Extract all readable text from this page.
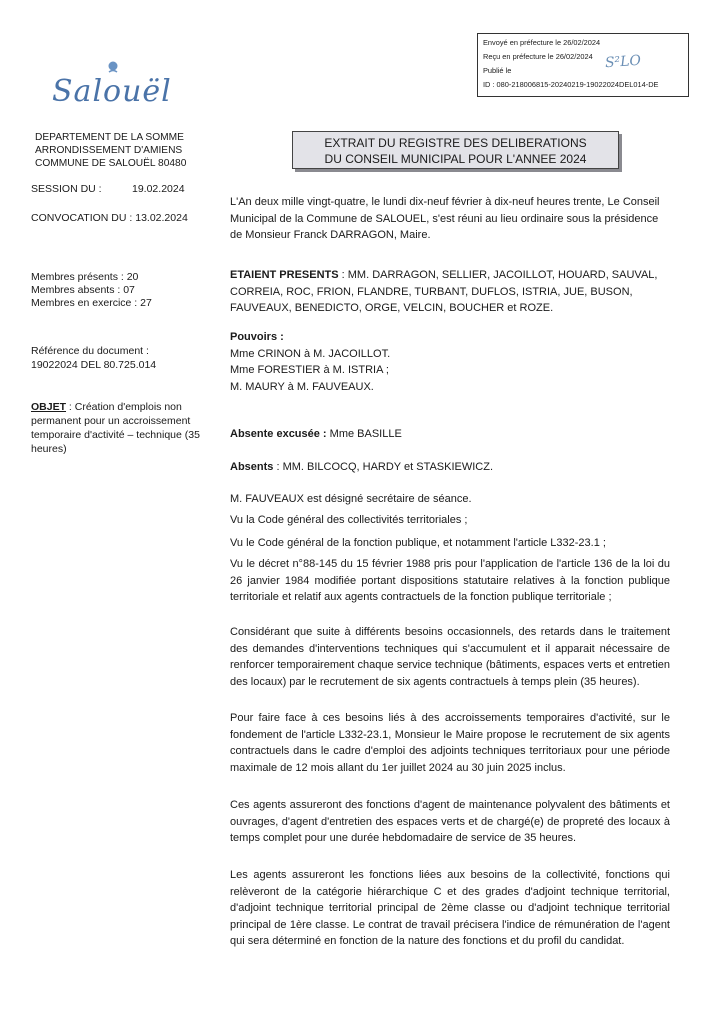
Envoyé en préfecture le 26/02/2024
Reçu en préfecture le 26/02/2024
Publié le
ID : 080-218006815-20240219-19022024DEL014-DE
S²LO
Salouël
DEPARTEMENT DE LA SOMME
ARRONDISSEMENT D'AMIENS
COMMUNE DE SALOUËL 80480
SESSION DU :	19.02.2024
CONVOCATION DU : 13.02.2024
Membres présents : 20
Membres absents : 07
Membres en exercice : 27
Référence du document :
19022024 DEL 80.725.014
OBJET : Création d'emplois non permanent pour un accroissement temporaire d'activité – technique (35 heures)
EXTRAIT DU REGISTRE DES DELIBERATIONS
DU CONSEIL MUNICIPAL POUR L'ANNEE 2024

L'An deux mille vingt-quatre, le lundi dix-neuf février à dix-neuf heures trente, Le Conseil Municipal de la Commune de SALOUEL, s'est réuni au lieu ordinaire sous la présidence de Monsieur Franck DARRAGON, Maire.

ETAIENT PRESENTS : MM. DARRAGON, SELLIER, JACOILLOT, HOUARD, SAUVAL, CORREIA, ROC, FRION, FLANDRE, TURBANT, DUFLOS, ISTRIA, JUE, BUSON, FAUVEAUX, BENEDICTO, ORGE, VELCIN, BOUCHER et ROZE.

Pouvoirs :
Mme CRINON à M. JACOILLOT.
Mme FORESTIER à M. ISTRIA ;
M. MAURY à M. FAUVEAUX.

Absente excusée : Mme BASILLE

Absents : MM. BILCOCQ, HARDY et STASKIEWICZ.

M. FAUVEAUX est désigné secrétaire de séance.

Vu la Code général des collectivités territoriales ;

Vu le Code général de la fonction publique, et notamment l'article L332-23.1 ;

Vu le décret n°88-145 du 15 février 1988 pris pour l'application de l'article 136 de la loi du 26 janvier 1984 modifiée portant dispositions statutaire relatives à la fonction publique territoriale et relatif aux agents contractuels de la fonction publique territoriale ;

Considérant que suite à différents besoins occasionnels, des retards dans le traitement des demandes d'interventions techniques qui s'accumulent et il apparait nécessaire de renforcer temporairement chaque service technique (bâtiments, espaces verts et entretien des locaux) par le recrutement de six agents contractuels à temps plein (35 heures).

Pour faire face à ces besoins liés à des accroissements temporaires d'activité, sur le fondement de l'article L332-23.1, Monsieur le Maire propose le recrutement de six agents contractuels dans le cadre d'emploi des adjoints techniques territoriaux pour une période maximale de 12 mois allant du 1er juillet 2024 au 30 juin 2025 inclus.

Ces agents assureront des fonctions d'agent de maintenance polyvalent des bâtiments et ouvrages, d'agent d'entretien des espaces verts et de chargé(e) de propreté des locaux à temps complet pour une durée hebdomadaire de service de 35 heures.

Les agents assureront les fonctions liées aux besoins de la collectivité, fonctions qui relèveront de la catégorie hiérarchique C et des grades d'adjoint technique territorial, d'adjoint technique territorial principal de 2ème classe ou d'adjoint technique territorial principal de 1ère classe. Le contrat de travail précisera l'indice de rémunération de l'agent qui sera déterminé en fonction de la nature des fonctions et du profil du candidat.
